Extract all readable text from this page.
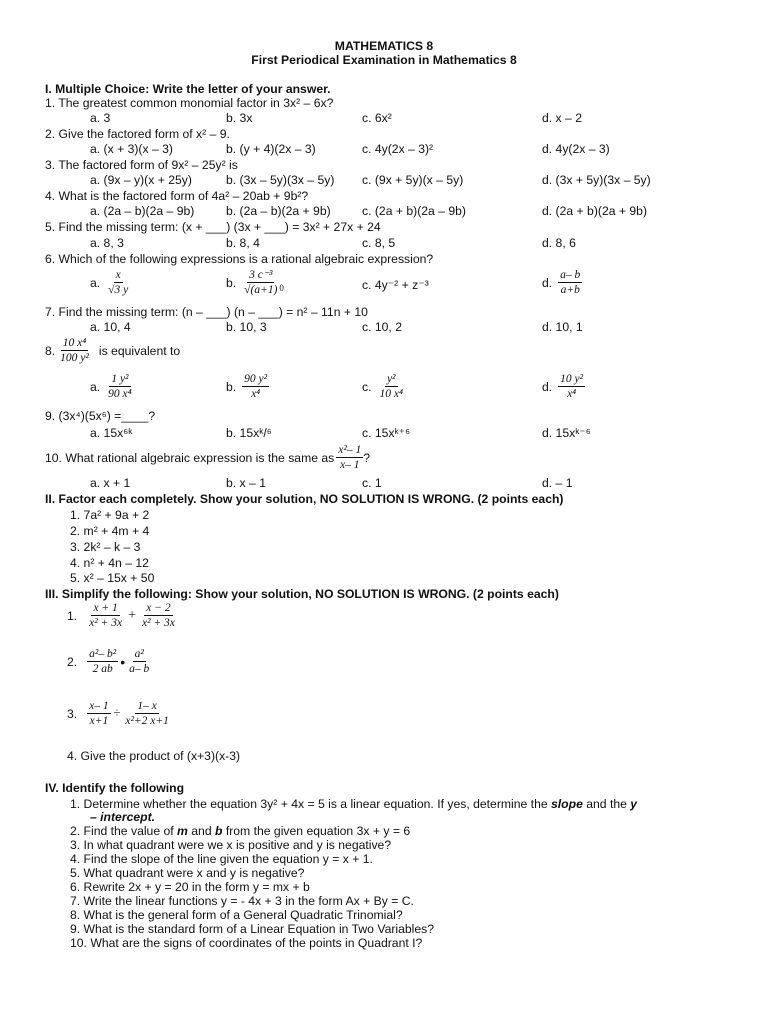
MATHEMATICS 8
First Periodical Examination in Mathematics 8
I. Multiple Choice: Write the letter of your answer.
1. The greatest common monomial factor in 3x² – 6x?
a. 3	b. 3x	c. 6x²	d. x – 2
2. Give the factored form of x² – 9.
a. (x + 3)(x – 3)	b. (y + 4)(2x – 3)	c. 4y(2x – 3)²	d. 4y(2x – 3)
3. The factored form of 9x² – 25y² is
a. (9x – y)(x + 25y)	b. (3x – 5y)(3x – 5y) c. (9x + 5y)(x – 5y)	d. (3x + 5y)(3x – 5y)
4. What is the factored form of 4a² – 20ab + 9b²?
a. (2a – b)(2a – 9b)	b. (2a – b)(2a + 9b)	c. (2a + b)(2a – 9b)	d. (2a + b)(2a + 9b)
5. Find the missing term: (x + ___) (3x + ___) = 3x² + 27x + 24
a. 8, 3	b. 8, 4	c. 8, 5	d. 8, 6
6. Which of the following expressions is a rational algebraic expression?
a. $\frac{x}{√3 y}$	b. $\frac{\text{3 c⁻³}}{√(a+1)} 0$	c. 4y⁻² + z⁻³	d. $\frac{a- b}{a+b}$
7. Find the missing term: (n – ___) (n – ___) = n² – 11n + 10
a. 10, 4	b. 10, 3	c. 10, 2	d. 10, 1
8. $\frac{\text{10 x⁴}}{\text{100 y²}}$ is equivalent to
a. $\frac{\text{1 y²}}{\text{90 x⁴}}$	b. $\frac{\text{90 y²}}{\text{x⁴}}$	c. $\frac{\text{y²}}{\text{10 x⁴}}$	d. $\frac{\text{10 y²}}{\text{x⁴}}$
9. (3x⁴)(5x⁶) =____?
a. 15x⁶ᵏ	b. 15xᵏ/⁶	c. 15xᵏ⁺⁶	d. 15xᵏ⁻⁶
10. What rational algebraic expression is the same as $\frac{\text{x²– 1}}{x- 1}$ ?
a. x + 1	b. x – 1	c. 1	d. – 1
II. Factor each completely. Show your solution, NO SOLUTION IS WRONG. (2 points each)
1. 7a² + 9a + 2
2. m² + 4m + 4
3. 2k² – k – 3
4. n² + 4n – 12
5. x² – 15x + 50
III. Simplify the following: Show your solution, NO SOLUTION IS WRONG. (2 points each)
1. $\frac{x + 1}{\text{x² + 3x}} + \frac{x - 2}{\text{x² + 3x}}$
2. $\frac{\text{a²– b²}}{2 ab}$ • $\frac{\text{a²}}{a- b}$
3. $\frac{x- 1}{x+1} \div \frac{1- x}{\text{x²+2 x+1}}$
4. Give the product of (x+3)(x-3)
IV. Identify the following
1. Determine whether the equation 3y² + 4x = 5 is a linear equation. If yes, determine the slope and the y
– intercept.
2. Find the value of m and b from the given equation 3x + y = 6
3. In what quadrant were we x is positive and y is negative?
4. Find the slope of the line given the equation y = x + 1.
5. What quadrant were x and y is negative?
6. Rewrite 2x + y = 20 in the form y = mx + b
7. Write the linear functions y = - 4x + 3 in the form Ax + By = C.
8. What is the general form of a General Quadratic Trinomial?
9. What is the standard form of a Linear Equation in Two Variables?
10. What are the signs of coordinates of the points in Quadrant I?
